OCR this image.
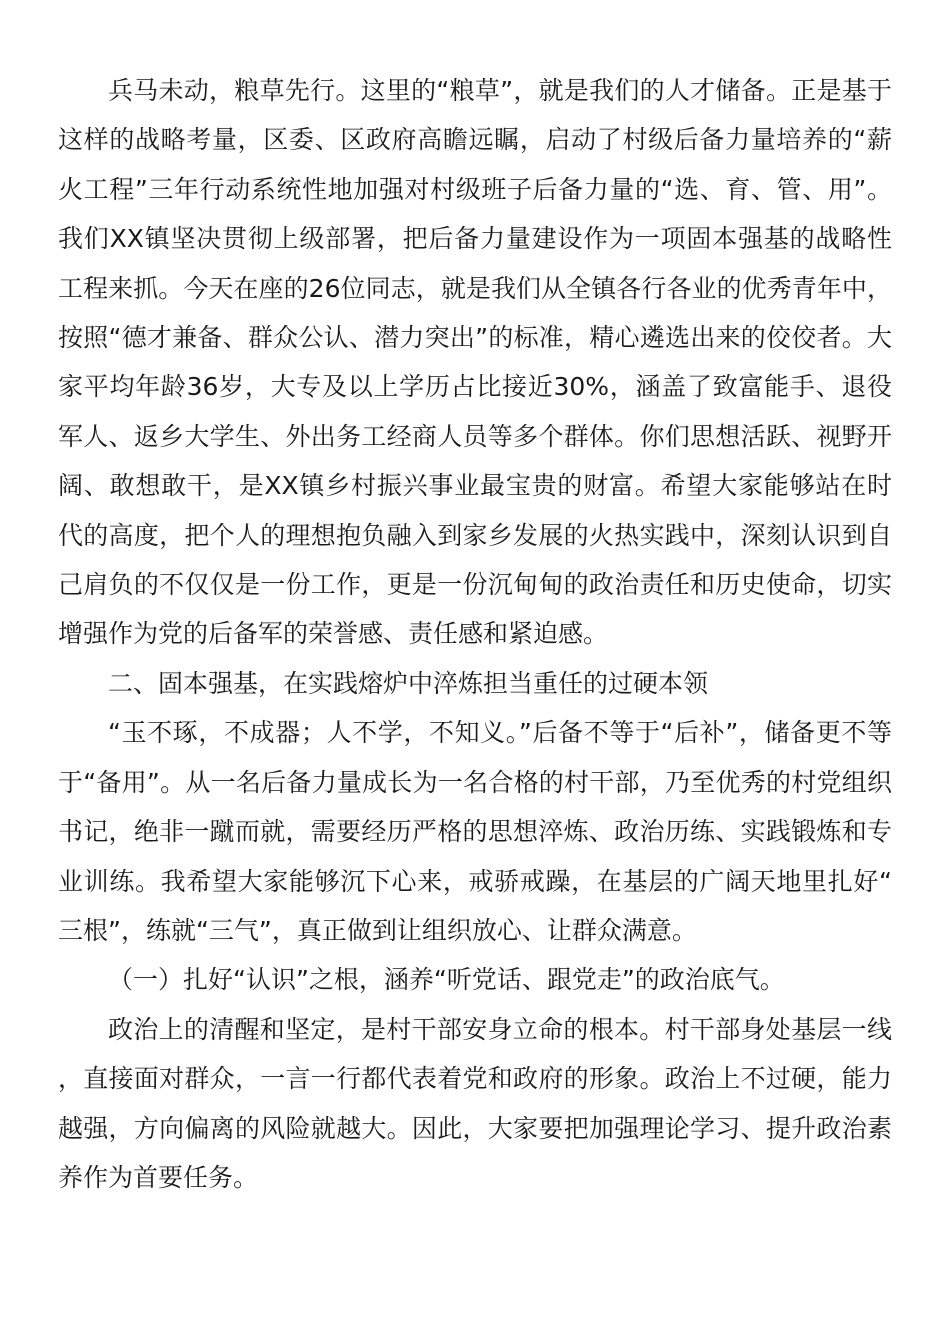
兵马未动，粮草先行。这里的“粮草”，就是我们的人才储备。正是基于这样的战略考量，区委、区政府高瞻远瞩，启动了村级后备力量培养的“薪火工程”三年行动系统性地加强对村级班子后备力量的“选、育、管、用”。我们XX镇坚决贯彻上级部署，把后备力量建设作为一项固本强基的战略性工程来抓。今天在座的26位同志，就是我们从全镇各行各业的优秀青年中，按照“德才兼备、群众公认、潜力突出”的标准，精心遴选出来的佼佼者。大家平均年龄36岁，大专及以上学历占比接近30%，涵盖了致富能手、退役军人、返乡大学生、外出务工经商人员等多个群体。你们思想活跃、视野开阔、敢想敢干，是XX镇乡村振兴事业最宝贵的财富。希望大家能够站在时代的高度，把个人的理想抱负融入到家乡发展的火热实践中，深刻认识到自己肩负的不仅仅是一份工作，更是一份沉甸甸的政治责任和历史使命，切实增强作为党的后备军的荣誉感、责任感和紧迫感。

二、固本强基，在实践熔炉中淬炼担当重任的过硬本领

“玉不琢，不成器；人不学，不知义。”后备不等于“后补”，储备更不等于“备用”。从一名后备力量成长为一名合格的村干部，乃至优秀的村党组织书记，绝非一蹴而就，需要经历严格的思想淬炼、政治历练、实践锻炼和专业训练。我希望大家能够沉下心来，戒骄戒躁，在基层的广阔天地里扎好“三根”，练就“三气”，真正做到让组织放心、让群众满意。

（一）扎好“认识”之根，涵养“听党话、跟党走”的政治底气。

政治上的清醒和坚定，是村干部安身立命的根本。村干部身处基层一线，直接面对群众，一言一行都代表着党和政府的形象。政治上不过硬，能力越强，方向偏离的风险就越大。因此，大家要把加强理论学习、提升政治素养作为首要任务。
